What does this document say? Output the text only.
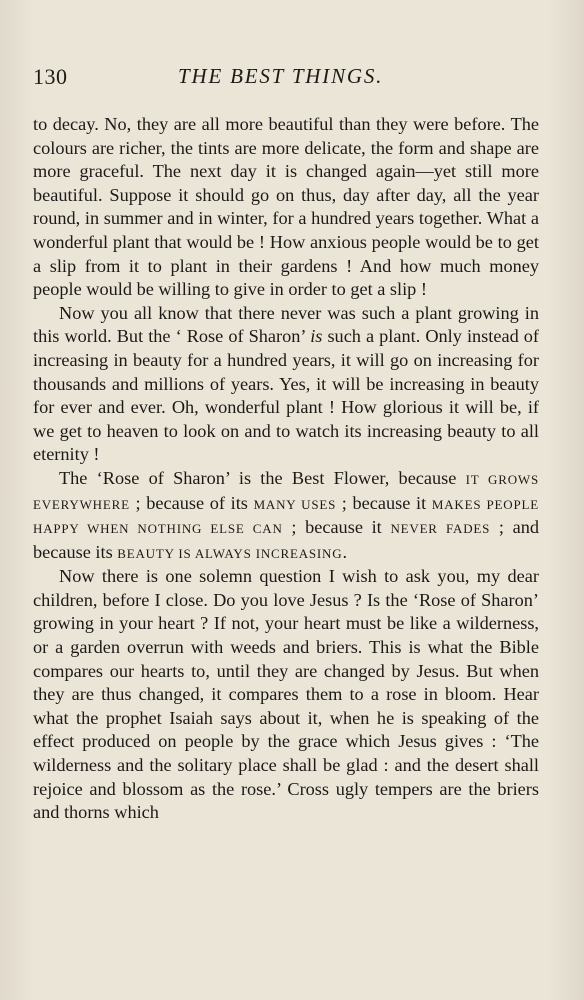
130	THE BEST THINGS.

to decay. No, they are all more beautiful than they were before. The colours are richer, the tints are more delicate, the form and shape are more graceful. The next day it is changed again—yet still more beautiful. Suppose it should go on thus, day after day, all the year round, in summer and in winter, for a hundred years together. What a wonderful plant that would be ! How anxious people would be to get a slip from it to plant in their gardens ! And how much money people would be willing to give in order to get a slip !

Now you all know that there never was such a plant growing in this world. But the ‘ Rose of Sharon’ is such a plant. Only instead of increasing in beauty for a hundred years, it will go on increasing for thousands and millions of years. Yes, it will be increasing in beauty for ever and ever. Oh, wonderful plant ! How glorious it will be, if we get to heaven to look on and to watch its increasing beauty to all eternity !

The ‘Rose of Sharon’ is the Best Flower, because IT GROWS EVERYWHERE ; because of its MANY USES ; because it MAKES PEOPLE HAPPY WHEN NOTHING ELSE CAN ; because it NEVER FADES ; and because its BEAUTY IS ALWAYS INCREASING.

Now there is one solemn question I wish to ask you, my dear children, before I close. Do you love Jesus ? Is the ‘Rose of Sharon’ growing in your heart ? If not, your heart must be like a wilderness, or a garden overrun with weeds and briers. This is what the Bible compares our hearts to, until they are changed by Jesus. But when they are thus changed, it compares them to a rose in bloom. Hear what the prophet Isaiah says about it, when he is speaking of the effect produced on people by the grace which Jesus gives : ‘The wilderness and the solitary place shall be glad : and the desert shall rejoice and blossom as the rose.’ Cross ugly tempers are the briers and thorns which
